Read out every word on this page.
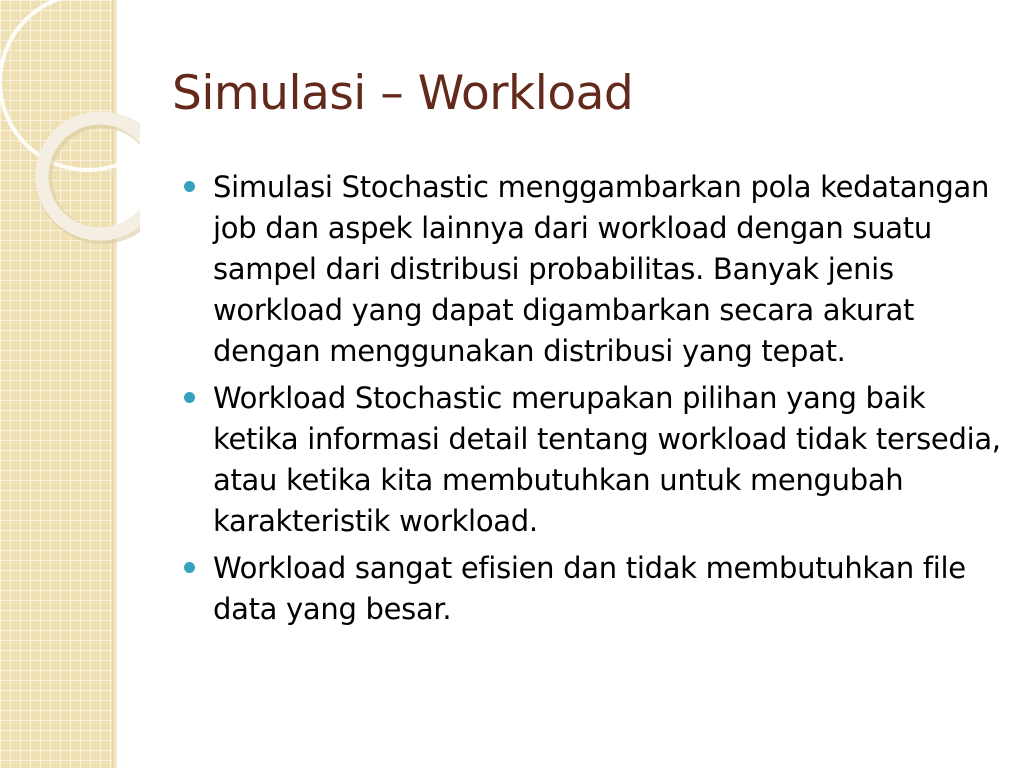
Simulasi – Workload
Simulasi Stochastic menggambarkan pola kedatangan job dan aspek lainnya dari workload dengan suatu sampel dari distribusi probabilitas. Banyak jenis workload yang dapat digambarkan secara akurat dengan menggunakan distribusi yang tepat.
Workload Stochastic merupakan pilihan yang baik ketika informasi detail tentang workload tidak tersedia, atau ketika kita membutuhkan untuk mengubah karakteristik workload.
Workload sangat efisien dan tidak membutuhkan file data yang besar.
